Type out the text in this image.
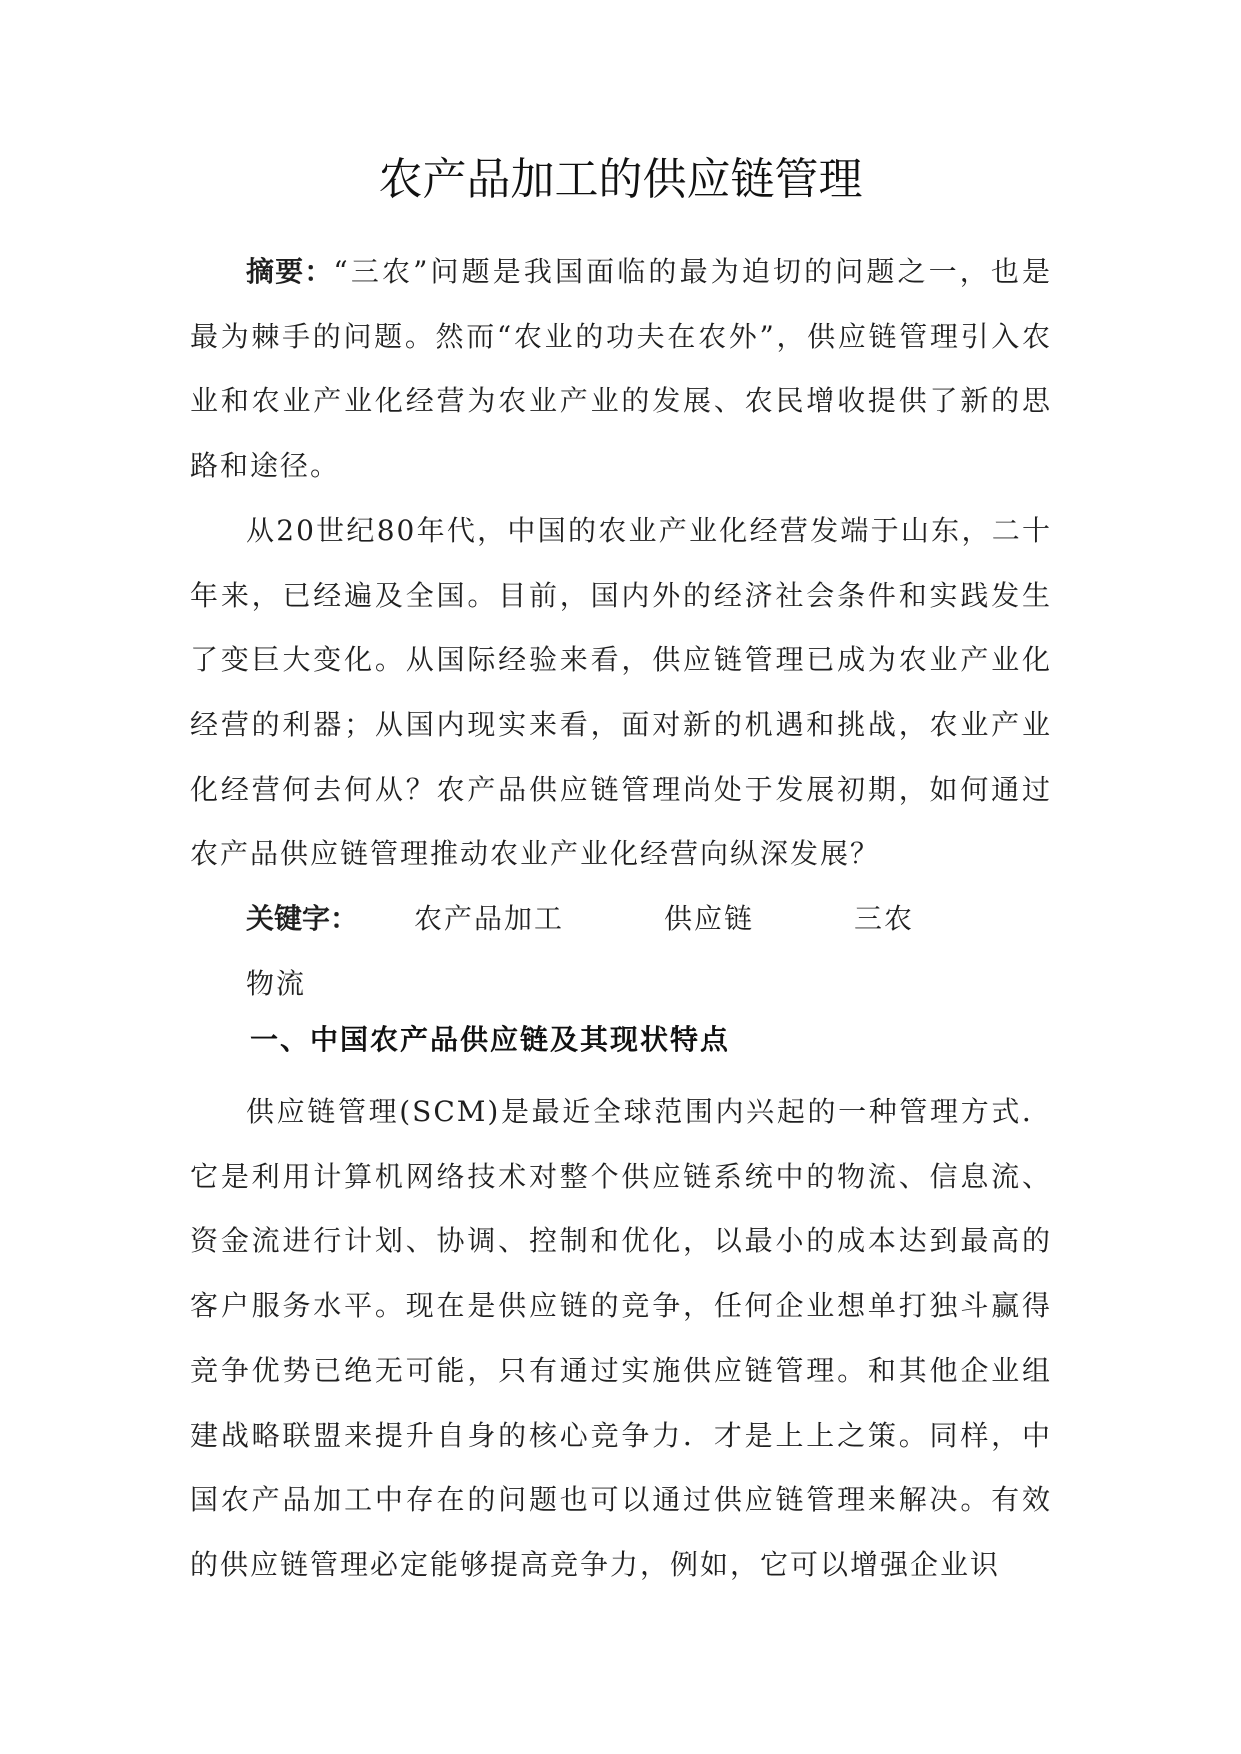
农产品加工的供应链管理

摘要：“三农”问题是我国面临的最为迫切的问题之一，也是最为棘手的问题。然而“农业的功夫在农外”，供应链管理引入农业和农业产业化经营为农业产业的发展、农民增收提供了新的思路和途径。

从20世纪80年代，中国的农业产业化经营发端于山东，二十年来，已经遍及全国。目前，国内外的经济社会条件和实践发生了变巨大变化。从国际经验来看，供应链管理已成为农业产业化经营的利器；从国内现实来看，面对新的机遇和挑战，农业产业化经营何去何从？农产品供应链管理尚处于发展初期，如何通过农产品供应链管理推动农业产业化经营向纵深发展？

关键字： 农产品加工	供应链	三农物流

一、中国农产品供应链及其现状特点

供应链管理(SCM)是最近全球范围内兴起的一种管理方式．它是利用计算机网络技术对整个供应链系统中的物流、信息流、资金流进行计划、协调、控制和优化，以最小的成本达到最高的客户服务水平。现在是供应链的竞争，任何企业想单打独斗赢得竞争优势已绝无可能，只有通过实施供应链管理。和其他企业组建战略联盟来提升自身的核心竞争力．才是上上之策。同样，中国农产品加工中存在的问题也可以通过供应链管理来解决。有效的供应链管理必定能够提高竞争力，例如，它可以增强企业识
